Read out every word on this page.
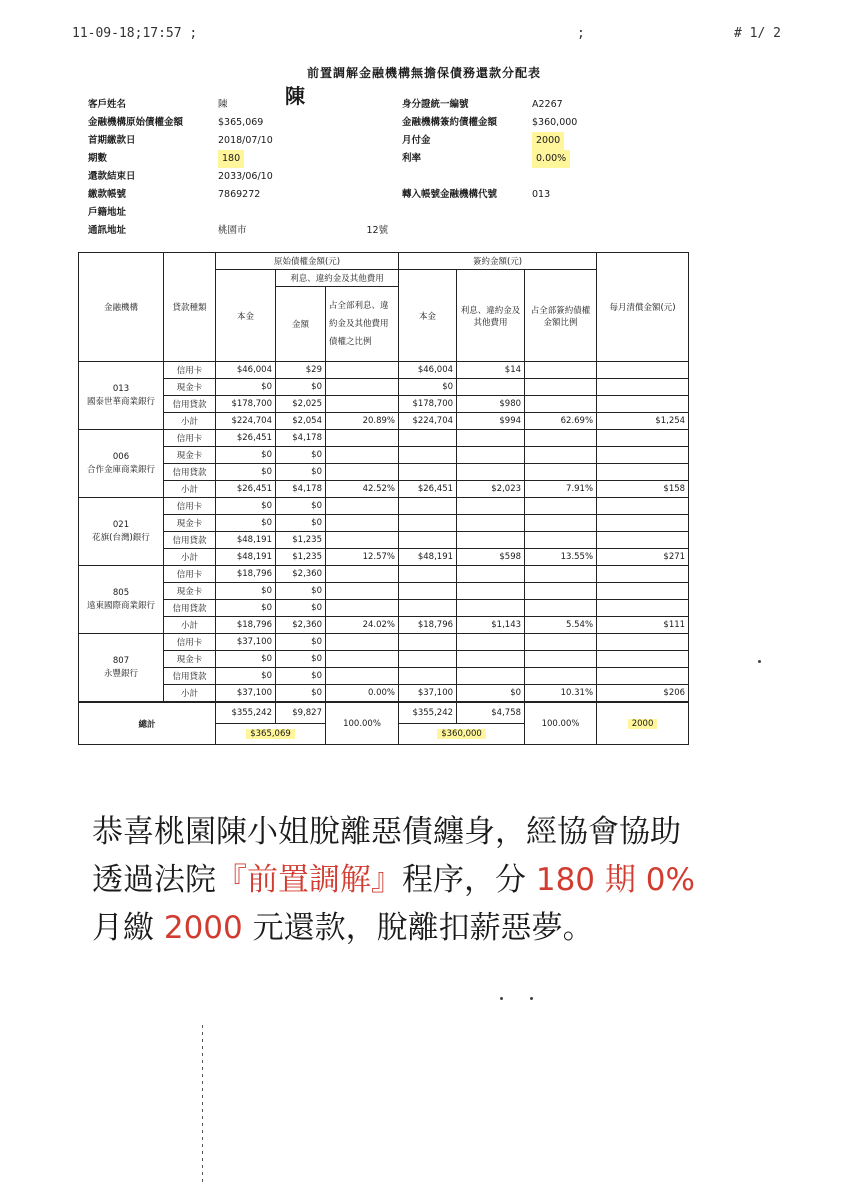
11-09-18;17:57 ;	;	# 1/ 2
前置調解金融機構無擔保債務還款分配表
陳
客戶姓名	陳
金融機構原始債權金額	$365,069
首期繳款日	2018/07/10
期數	180
還款結束日	2033/06/10
繳款帳號	7869272
戶籍地址
通訊地址	桃園市	12號
身分證統一編號	A2267
金融機構簽約債權金額	$360,000
月付金	2000
利率	0.00%
轉入帳號金融機構代號	013
金融機構	貸款種類	原始債權金額(元)			簽約金額(元)			每月清償金額(元)
		本金	利息、違約金及其他費用		本金	利息、違約金及其他費用	占全部簽約債權金額比例	
			金額	占全部利息、違約金及其他費用債權之比例				

013
國泰世華商業銀行	信用卡	$46,004	$29		$46,004	$14		
	現金卡	$0	$0		$0			
	信用貸款	$178,700	$2,025		$178,700	$980		
	小計	$224,704	$2,054	20.89%	$224,704	$994	62.69%	$1,254

006
合作金庫商業銀行	信用卡	$26,451	$4,178					
	現金卡	$0	$0					
	信用貸款	$0	$0					
	小計	$26,451	$4,178	42.52%	$26,451	$2,023	7.91%	$158

021
花旗(台灣)銀行	信用卡	$0	$0					
	現金卡	$0	$0					
	信用貸款	$48,191	$1,235					
	小計	$48,191	$1,235	12.57%	$48,191	$598	13.55%	$271

805
遠東國際商業銀行	信用卡	$18,796	$2,360					
	現金卡	$0	$0					
	信用貸款	$0	$0					
	小計	$18,796	$2,360	24.02%	$18,796	$1,143	5.54%	$111

807
永豐銀行	信用卡	$37,100	$0					
	現金卡	$0	$0					
	信用貸款	$0	$0					
	小計	$37,100	$0	0.00%	$37,100	$0	10.31%	$206
總計		$355,242	$9,827	100.00%	$355,242	$4,758	100.00%	2000
		$365,069			$360,000			
恭喜桃園陳小姐脫離惡債纏身，經協會協助
透過法院『前置調解』程序，分 180 期 0%
月繳 2000 元還款，脫離扣薪惡夢。
